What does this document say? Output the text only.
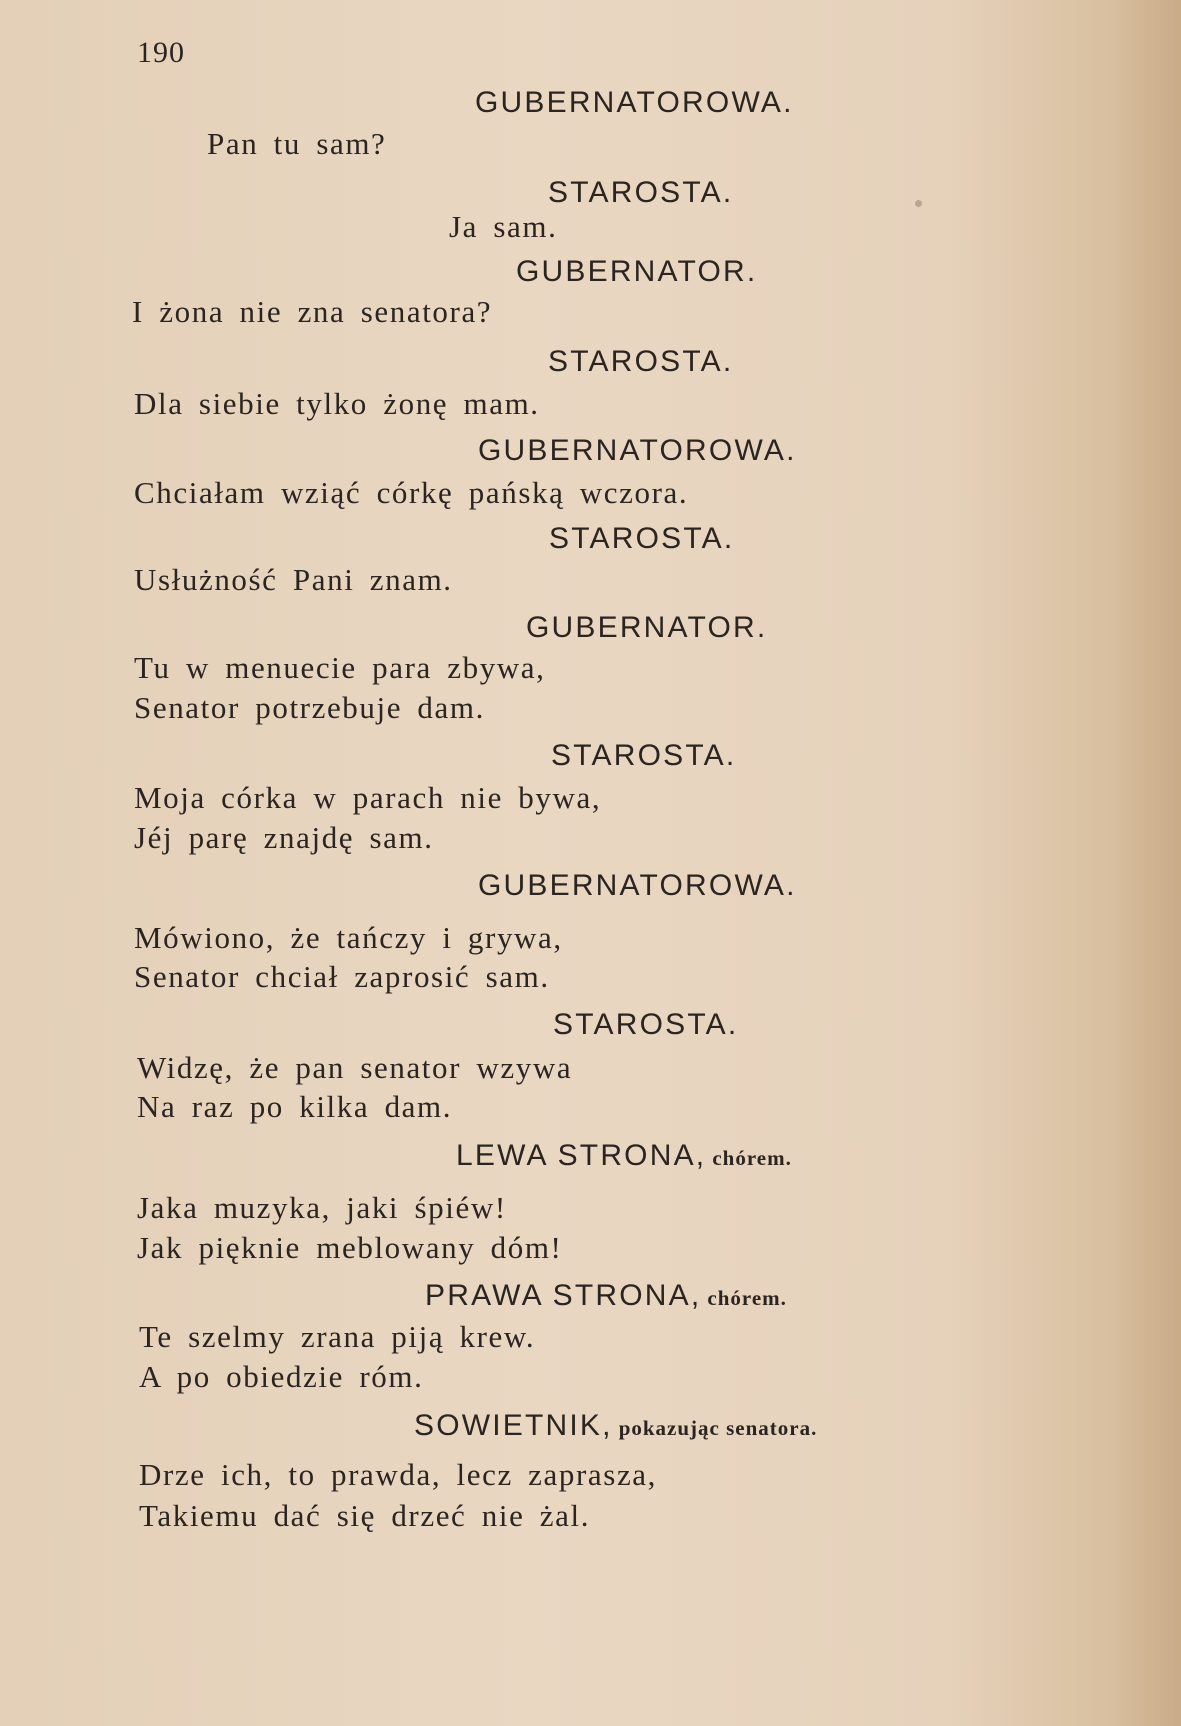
190
GUBERNATOROWA.
Pan tu sam?
STAROSTA.
Ja sam.
GUBERNATOR.
I żona nie zna senatora?
STAROSTA.
Dla siebie tylko żonę mam.
GUBERNATOROWA.
Chciałam wziąć córkę pańską wczora.
STAROSTA.
Usłużność Pani znam.
GUBERNATOR.
Tu w menuecie para zbywa,
Senator potrzebuje dam.
STAROSTA.
Moja córka w parach nie bywa,
Jéj parę znajdę sam.
GUBERNATOROWA.
Mówiono, że tańczy i grywa,
Senator chciał zaprosić sam.
STAROSTA.
Widzę, że pan senator wzywa
Na raz po kilka dam.
LEWA STRONA, chórem.
Jaka muzyka, jaki śpiéw!
Jak pięknie meblowany dóm!
PRAWA STRONA, chórem.
Te szelmy zrana piją krew.
A po obiedzie róm.
SOWIETNIK, pokazując senatora.
Drze ich, to prawda, lecz zaprasza,
Takiemu dać się drzeć nie żal.
